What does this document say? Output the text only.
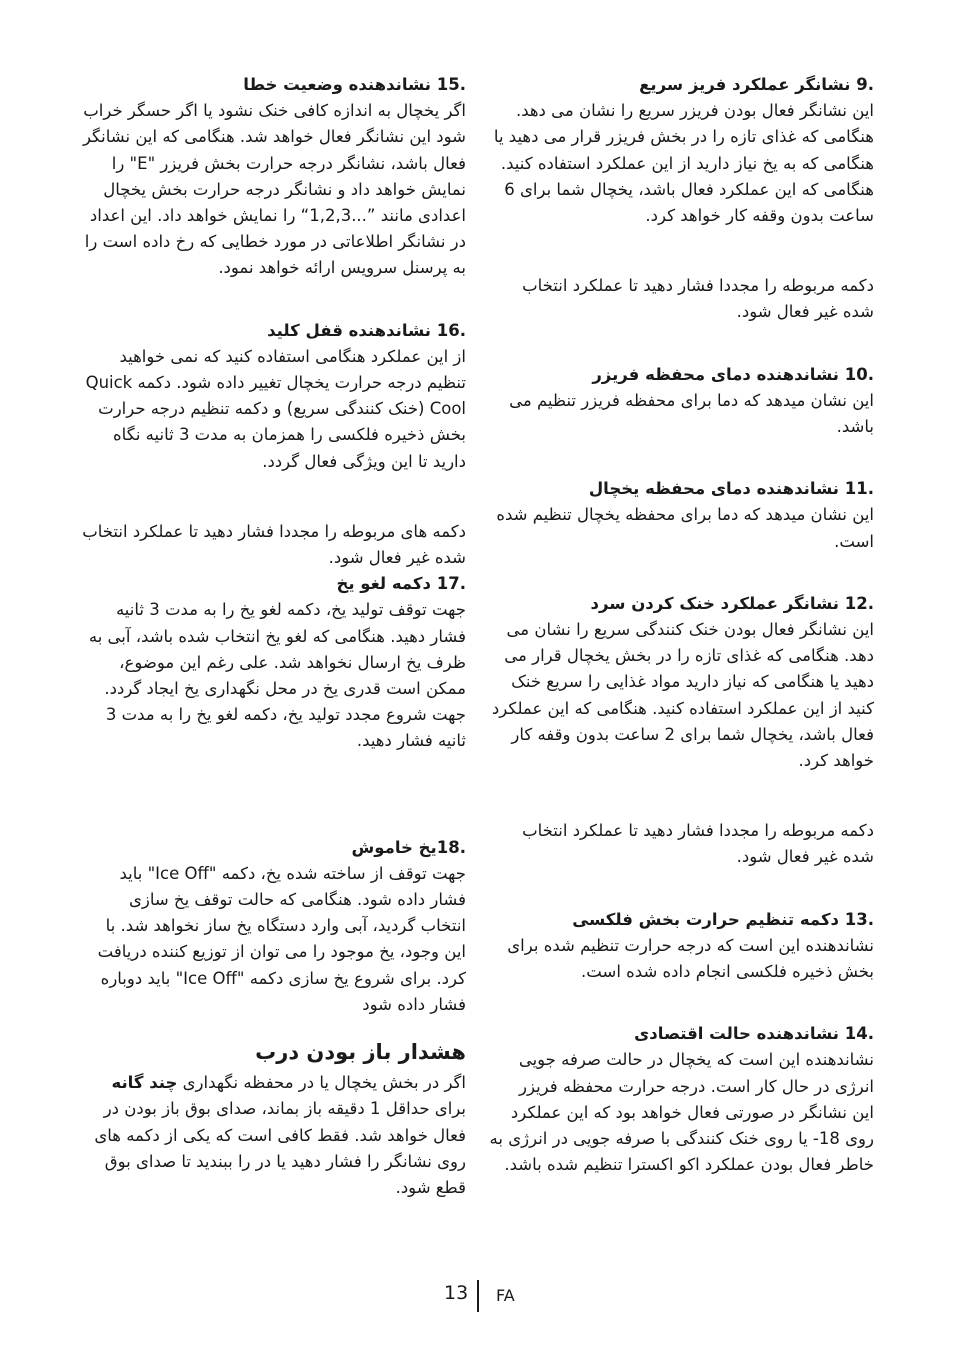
.9 نشانگر عملکرد فریز سریع

این نشانگر فعال بودن فریزر سریع را نشان می دهد. هنگامی که غذای تازه را در بخش فریزر قرار می دهید یا هنگامی که به یخ نیاز دارید از این عملکرد استفاده کنید. هنگامی که این عملکرد فعال باشد، یخچال شما برای 6 ساعت بدون وقفه کار خواهد کرد.

دکمه مربوطه را مجددا فشار دهید تا عملکرد انتخاب شده غیر فعال شود.

.10 نشاندهنده دمای محفظه فریزر

این نشان میدهد که دما برای محفظه فریزر تنظیم می باشد.

.11 نشاندهنده دمای محفظه یخچال

این نشان میدهد که دما برای محفظه یخچال تنظیم شده است.

.12 نشانگر عملکرد خنک کردن سرد

این نشانگر فعال بودن خنک کنندگی سریع را نشان می دهد. هنگامی که غذای تازه را در بخش یخچال قرار می دهید یا هنگامی که نیاز دارید مواد غذایی را سریع خنک کنید از این عملکرد استفاده کنید. هنگامی که این عملکرد فعال باشد، یخچال شما برای 2 ساعت بدون وقفه کار خواهد کرد.

دکمه مربوطه را مجددا فشار دهید تا عملکرد انتخاب شده غیر فعال شود.

.13 دکمه تنظیم حرارت بخش فلکسی

نشاندهنده این است که درجه حرارت تنظیم شده برای بخش ذخیره فلکسی انجام داده شده است.

.14 نشاندهنده حالت اقتصادی

نشاندهنده این است که یخچال در حالت صرفه جویی انرژی در حال کار است. درجه حرارت محفظه فریزر

این نشانگر در صورتی فعال خواهد بود که این عملکرد روی 18- یا روی خنک کنندگی با صرفه جویی در انرژی به خاطر فعال بودن عملکرد اکو اکسترا تنظیم شده باشد.

.15 نشاندهنده وضعیت خطا

اگر یخچال به اندازه کافی خنک نشود یا اگر حسگر خراب شود این نشانگر فعال خواهد شد. هنگامی که این نشانگر فعال باشد، نشانگر درجه حرارت بخش فریزر "E" را نمایش خواهد داد و نشانگر درجه حرارت بخش یخچال اعدادی مانند ”...1,2,3“ را نمایش خواهد داد. این اعداد در نشانگر اطلاعاتی در مورد خطایی که رخ داده است را به پرسنل سرویس ارائه خواهد نمود.

.16 نشاندهنده قفل کلید

از این عملکرد هنگامی استفاده کنید که نمی خواهید تنظیم درجه حرارت یخچال تغییر داده شود. دکمه Quick Cool (خنک کنندگی سریع) و دکمه تنظیم درجه حرارت بخش ذخیره فلکسی را همزمان به مدت 3 ثانیه نگاه دارید تا این ویژگی فعال گردد.

دکمه های مربوطه را مجددا فشار دهید تا عملکرد انتخاب شده غیر فعال شود.

.17 دکمه لغو یخ

جهت توقف تولید یخ، دکمه لغو یخ را به مدت 3 ثانیه فشار دهید. هنگامی که لغو یخ انتخاب شده باشد، آبی به ظرف یخ ارسال نخواهد شد. علی رغم این موضوع، ممکن است قدری یخ در محل نگهداری یخ ایجاد گردد. جهت شروع مجدد تولید یخ، دکمه لغو یخ را به مدت 3 ثانیه فشار دهید.

.18یخ خاموش

جهت توقف از ساخته شده یخ، دکمه "Ice Off" باید فشار داده شود. هنگامی که حالت توقف یخ سازی انتخاب گردید، آبی وارد دستگاه یخ ساز نخواهد شد. با این وجود، یخ موجود را می توان از توزیع کننده دریافت کرد. برای شروع یخ سازی دکمه "Ice Off" باید دوباره فشار داده شود

هشدار باز بودن درب

اگر در بخش یخچال یا در محفظه نگهداری چند گانه برای حداقل 1 دقیقه باز بماند، صدای بوق باز بودن در فعال خواهد شد. فقط کافی است که یکی از دکمه های روی نشانگر را فشار دهید یا در را ببندید تا صدای بوق قطع شود.

13 FA
